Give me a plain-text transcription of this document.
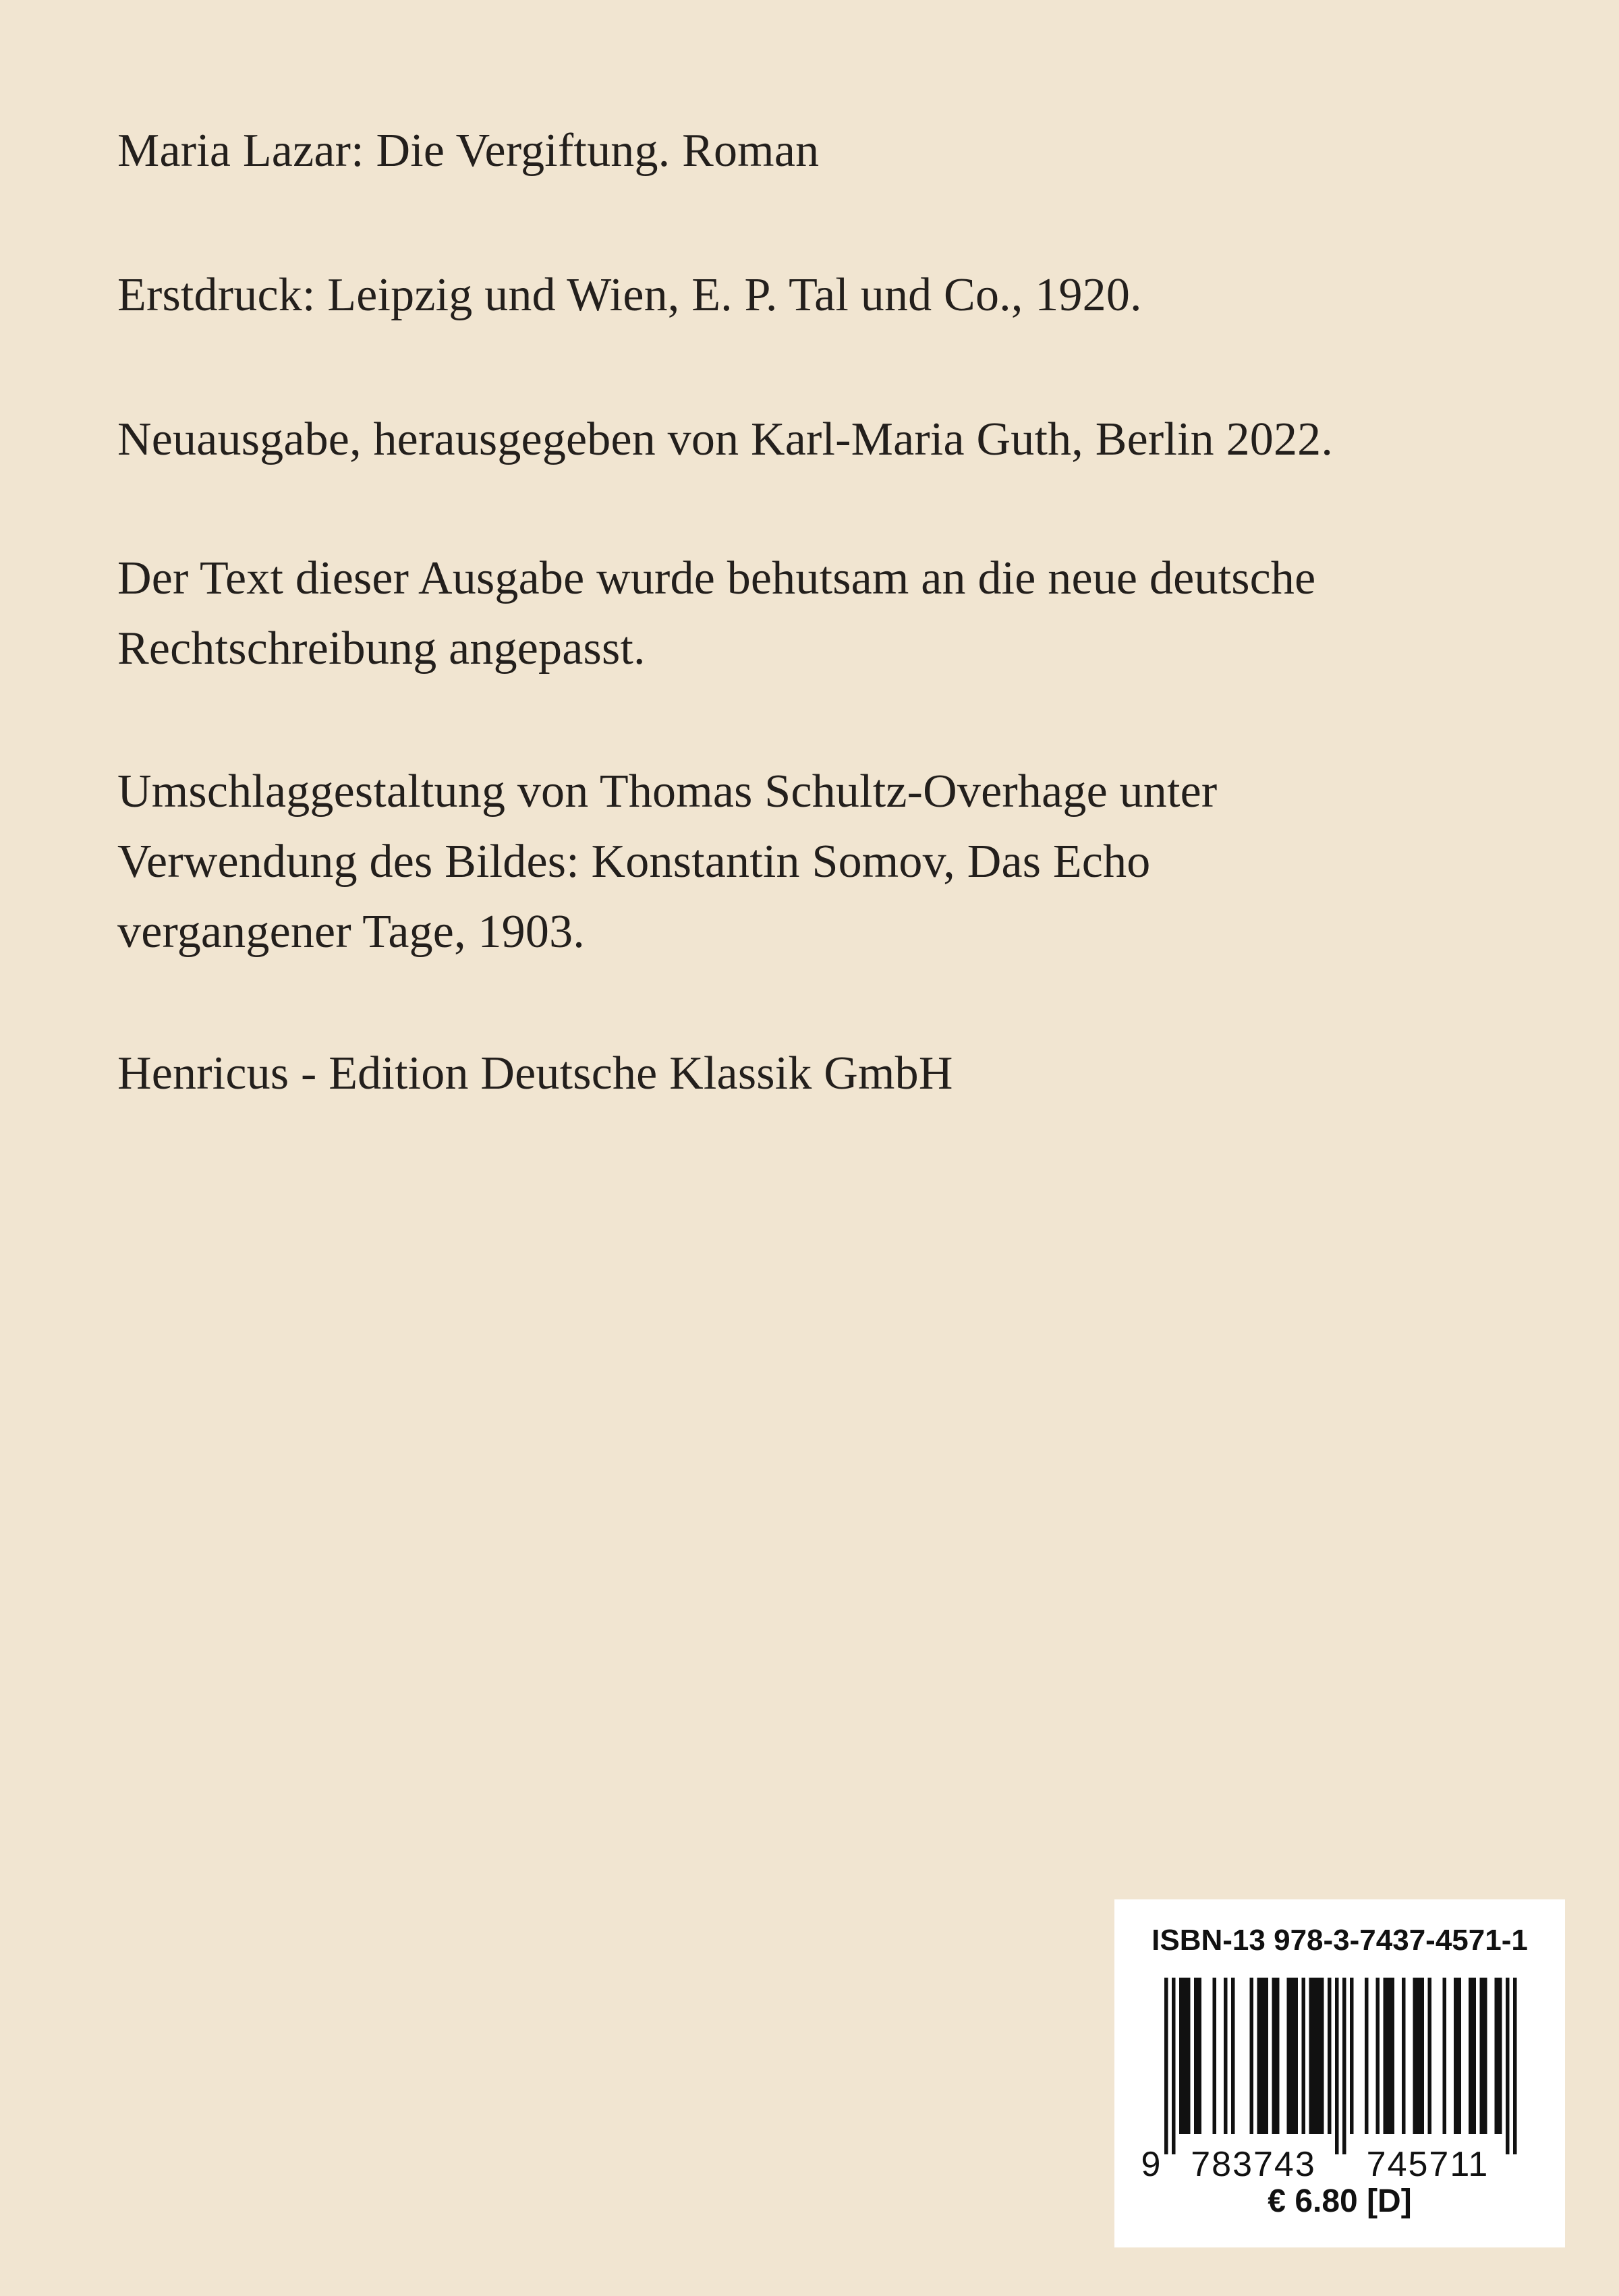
Maria Lazar: Die Vergiftung. Roman

Erstdruck: Leipzig und Wien, E. P. Tal und Co., 1920.

Neuausgabe, herausgegeben von Karl-Maria Guth, Berlin 2022.

Der Text dieser Ausgabe wurde behutsam an die neue deutsche
Rechtschreibung angepasst.

Umschlaggestaltung von Thomas Schultz-Overhage unter
Verwendung des Bildes: Konstantin Somov, Das Echo
vergangener Tage, 1903.

Henricus - Edition Deutsche Klassik GmbH

ISBN-13 978-3-7437-4571-1
9 783743 745711
€ 6.80 [D]
